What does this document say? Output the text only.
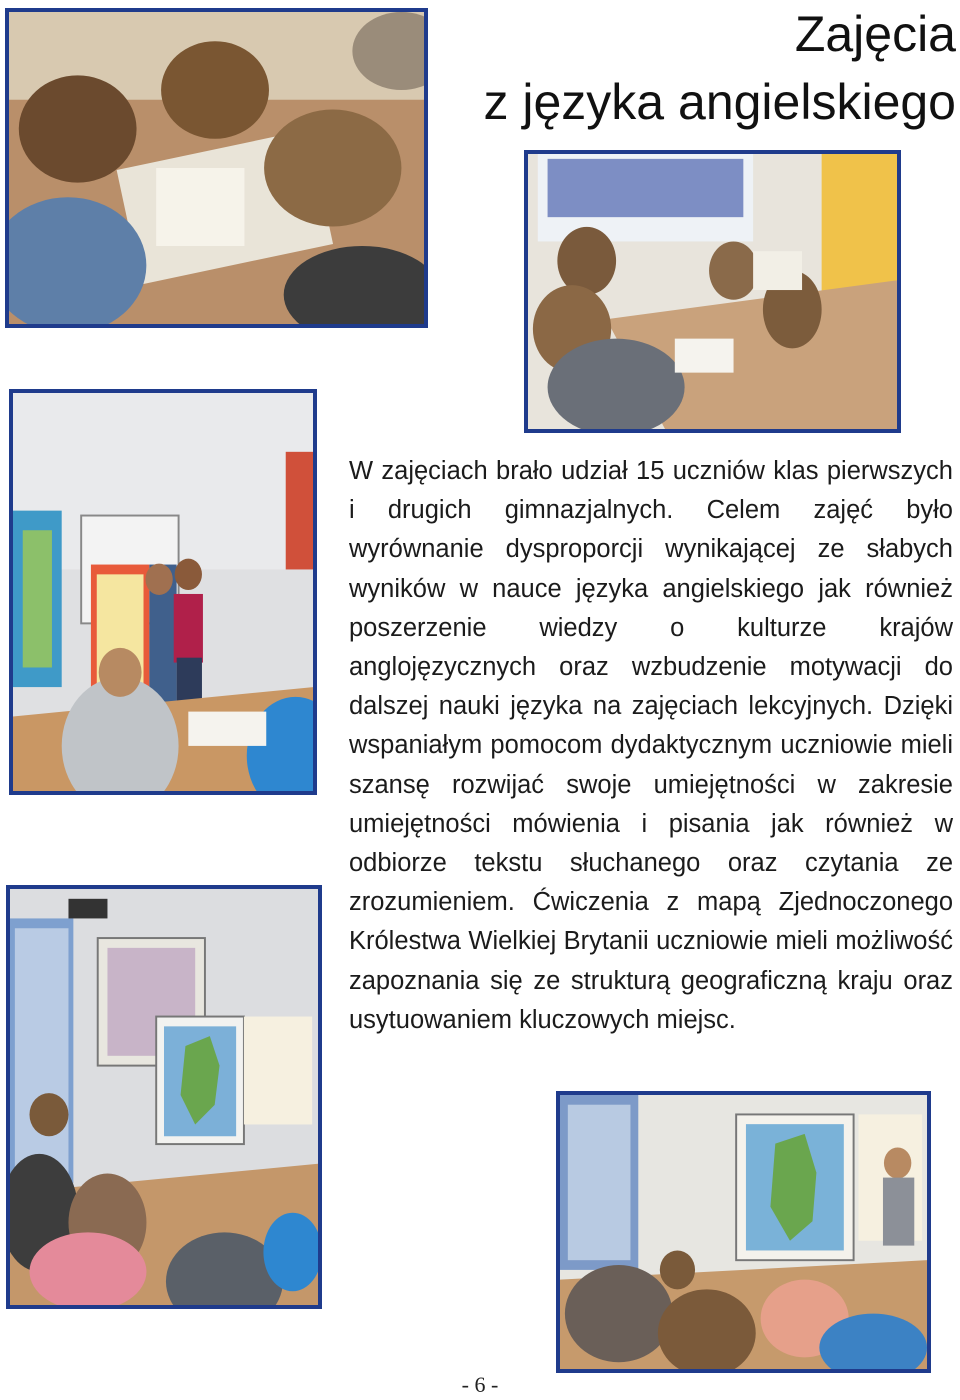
Zajęcia
z języka angielskiego
W zajęciach brało udział 15 uczniów klas pierwszych i drugich gimnazjalnych. Celem zajęć było wyrównanie dysproporcji wynikającej ze słabych wyników w nauce języka angielskiego jak również poszerzenie wiedzy o kulturze krajów anglojęzycznych oraz wzbudzenie motywacji do dalszej nauki języka na zajęciach lekcyjnych. Dzięki wspaniałym pomocom dydaktycznym uczniowie mieli szansę rozwijać swoje umiejętności w zakresie umiejętności mówienia i pisania jak również w odbiorze tekstu słuchanego oraz czytania ze zrozumieniem. Ćwiczenia z mapą Zjednoczonego Królestwa Wielkiej Brytanii uczniowie mieli możliwość zapoznania się ze strukturą geograficzną kraju oraz usytuowaniem kluczowych miejsc.
- 6 -
